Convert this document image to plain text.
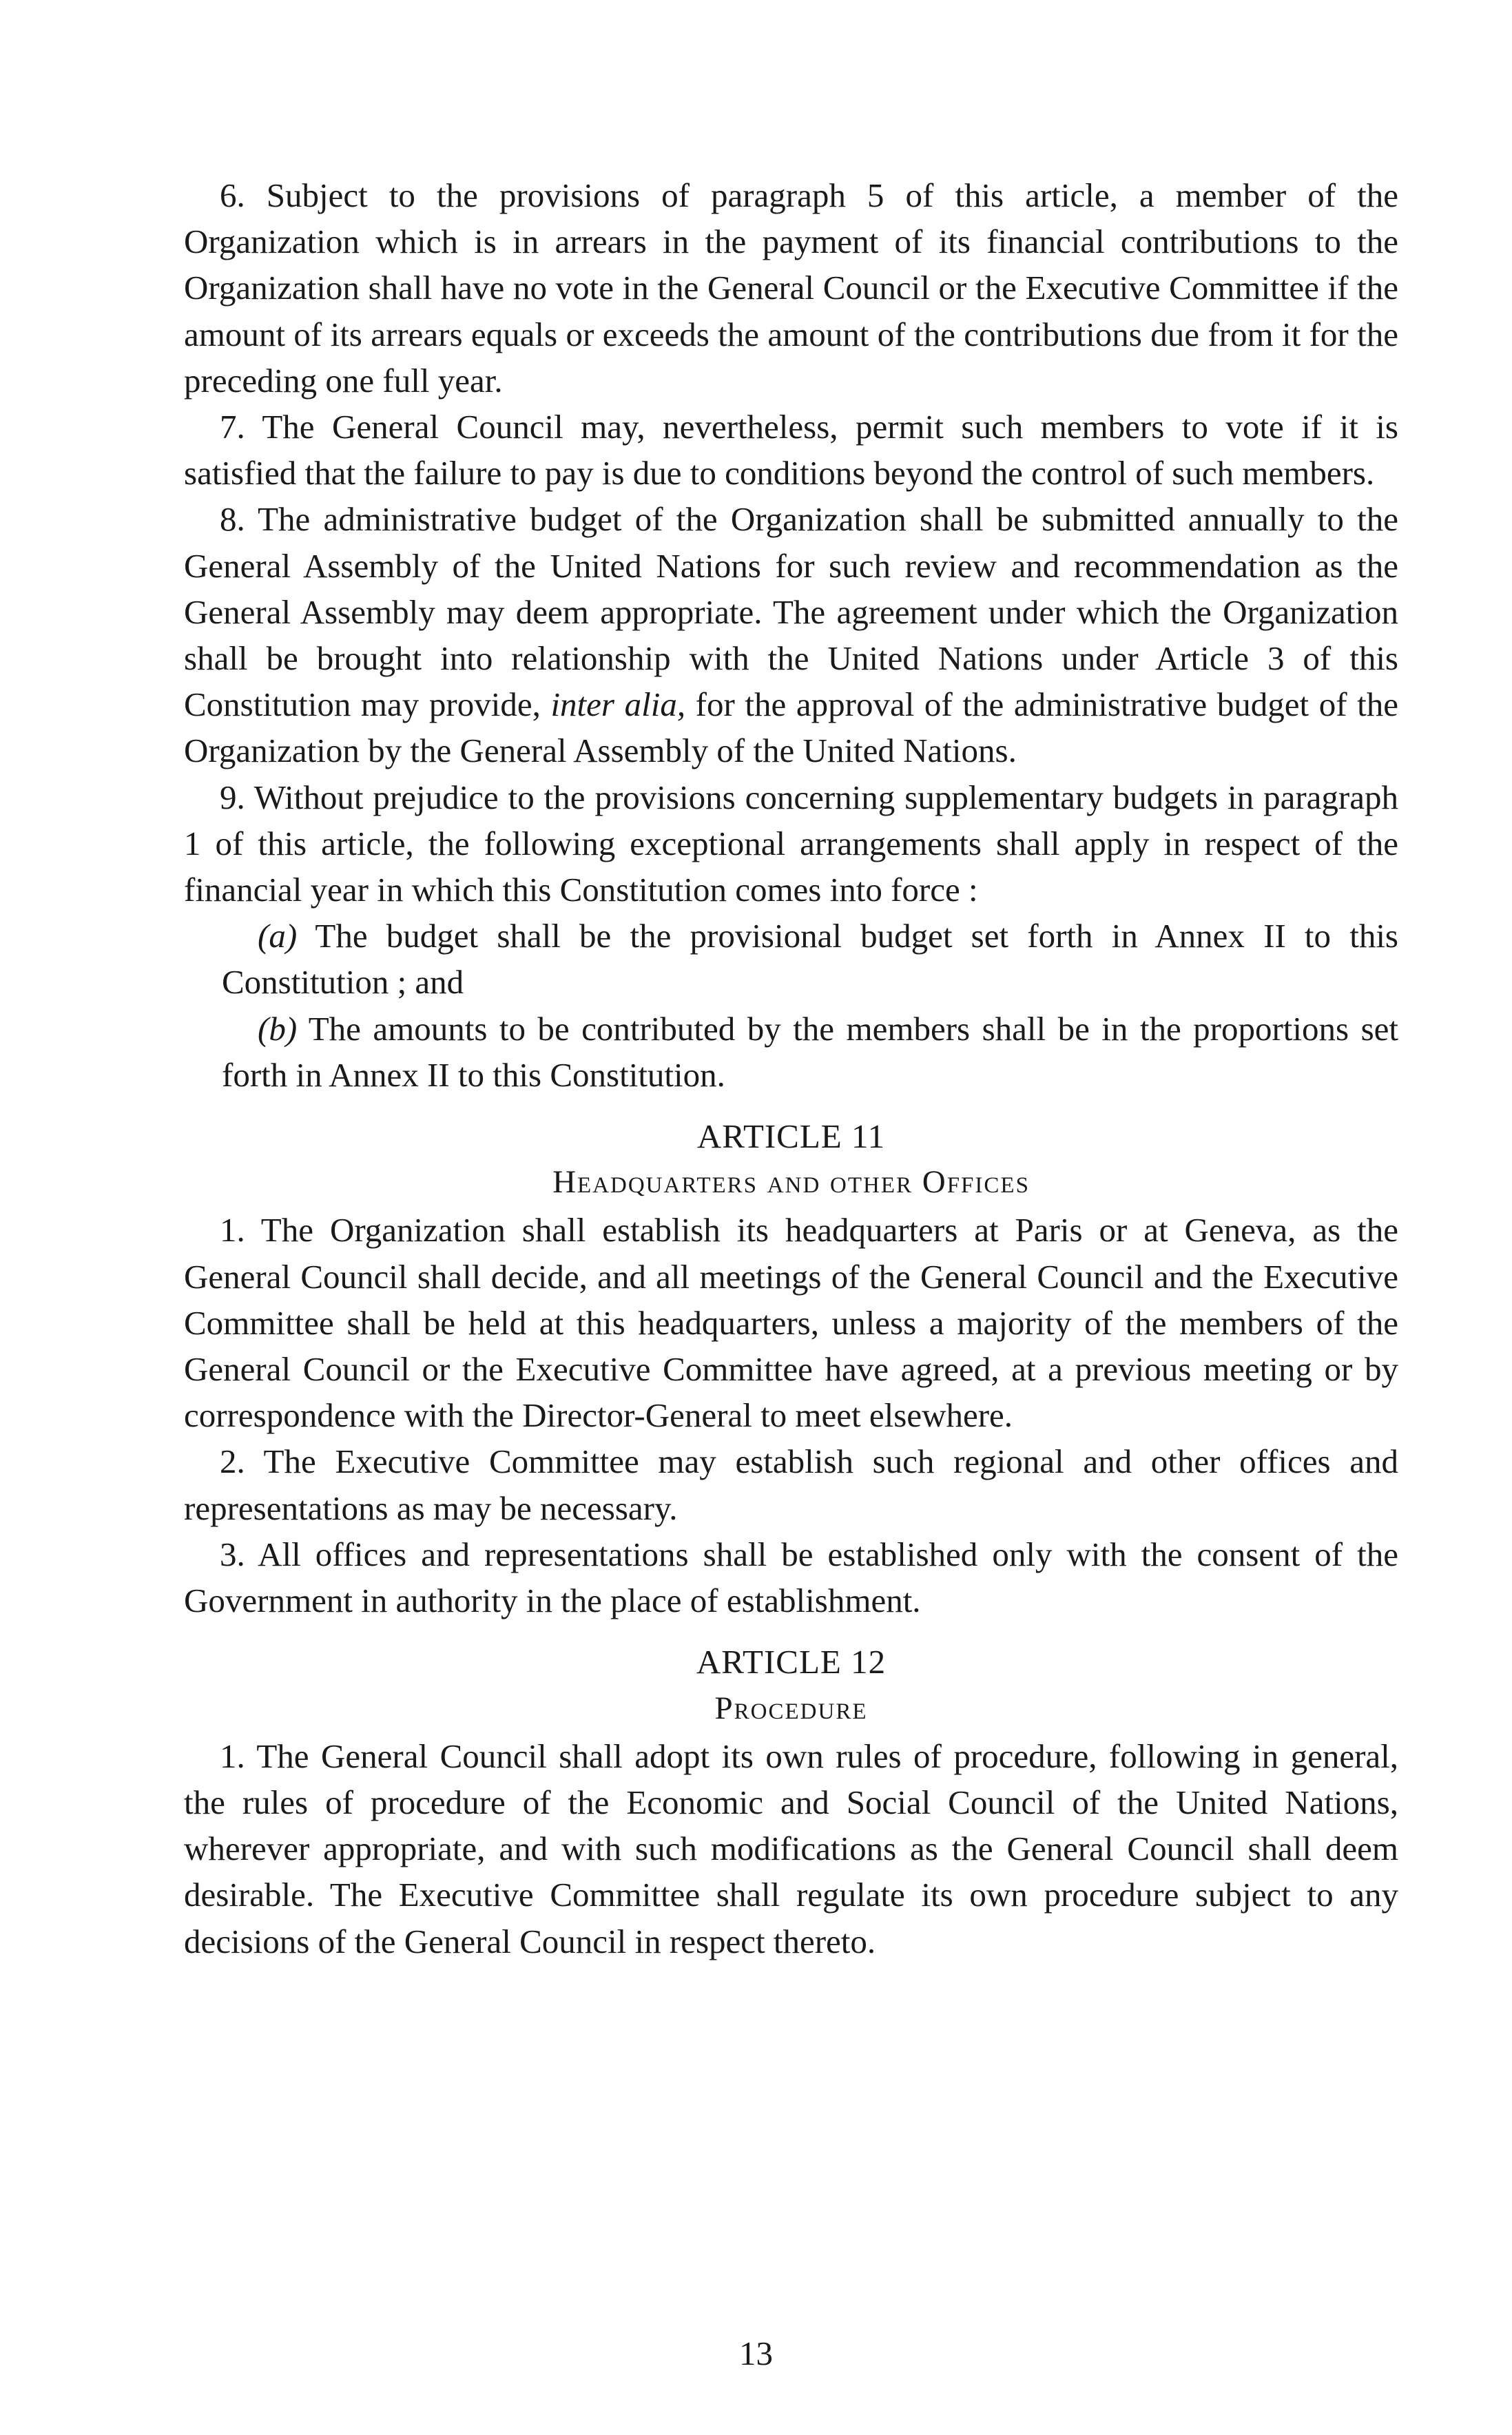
6. Subject to the provisions of paragraph 5 of this article, a member of the Organization which is in arrears in the payment of its financial contributions to the Organization shall have no vote in the General Council or the Executive Committee if the amount of its arrears equals or exceeds the amount of the contributions due from it for the preceding one full year.

7. The General Council may, nevertheless, permit such members to vote if it is satisfied that the failure to pay is due to conditions beyond the control of such members.

8. The administrative budget of the Organization shall be submitted annually to the General Assembly of the United Nations for such review and recommendation as the General Assembly may deem appropriate. The agreement under which the Organization shall be brought into relationship with the United Nations under Article 3 of this Constitution may provide, inter alia, for the approval of the administrative budget of the Organization by the General Assembly of the United Nations.

9. Without prejudice to the provisions concerning supplementary budgets in paragraph 1 of this article, the following exceptional arrangements shall apply in respect of the financial year in which this Constitution comes into force :

(a) The budget shall be the provisional budget set forth in Annex II to this Constitution ; and

(b) The amounts to be contributed by the members shall be in the proportions set forth in Annex II to this Constitution.

ARTICLE 11

Headquarters and other Offices

1. The Organization shall establish its headquarters at Paris or at Geneva, as the General Council shall decide, and all meetings of the General Council and the Executive Committee shall be held at this headquarters, unless a majority of the members of the General Council or the Executive Committee have agreed, at a previous meeting or by correspondence with the Director-General to meet elsewhere.

2. The Executive Committee may establish such regional and other offices and representations as may be necessary.

3. All offices and representations shall be established only with the consent of the Government in authority in the place of establishment.

ARTICLE 12

Procedure

1. The General Council shall adopt its own rules of procedure, following in general, the rules of procedure of the Economic and Social Council of the United Nations, wherever appropriate, and with such modifications as the General Council shall deem desirable. The Executive Committee shall regulate its own procedure subject to any decisions of the General Council in respect thereto.

13
